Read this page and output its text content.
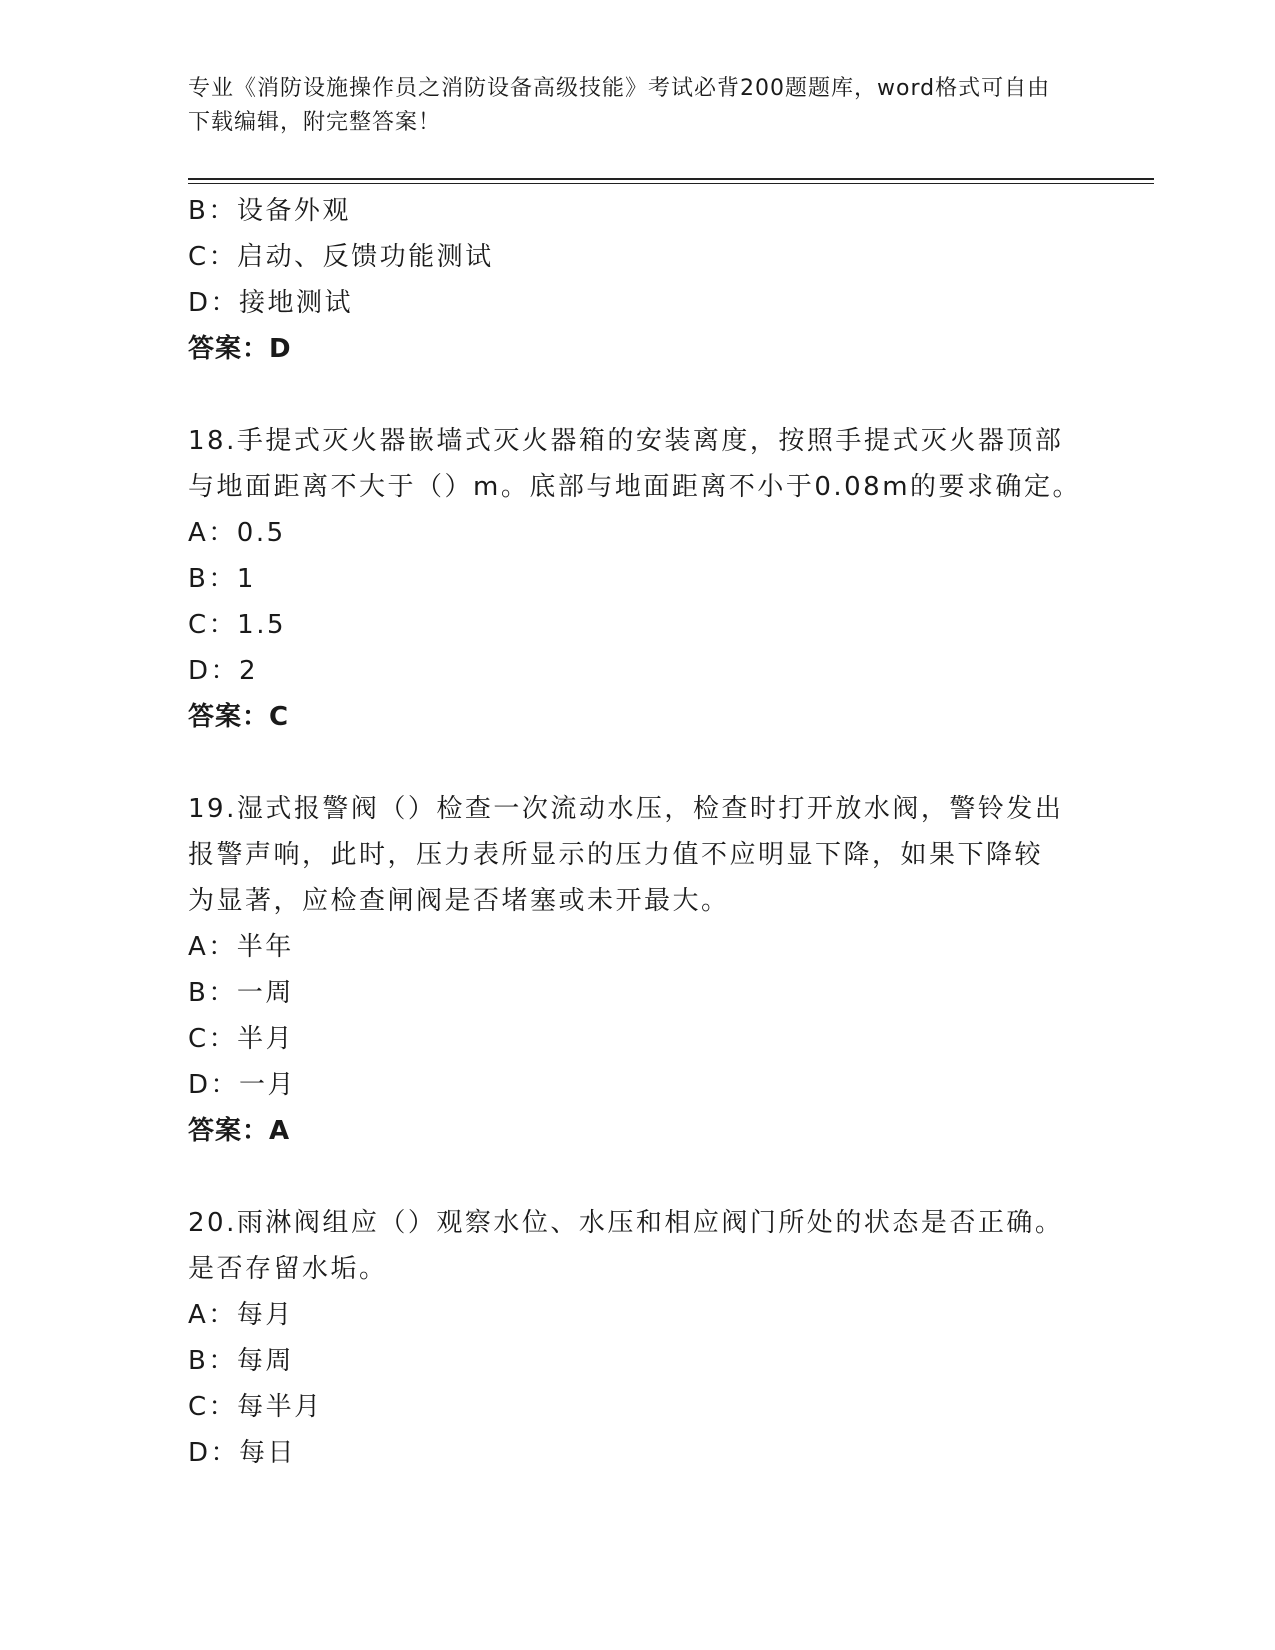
专业《消防设施操作员之消防设备高级技能》考试必背200题题库，word格式可自由下载编辑，附完整答案！
B：设备外观
C：启动、反馈功能测试
D：接地测试
答案：D
18.手提式灭火器嵌墙式灭火器箱的安装离度，按照手提式灭火器顶部
与地面距离不大于（）m。底部与地面距离不小于0.08m的要求确定。
A：0.5
B：1
C：1.5
D：2
答案：C
19.湿式报警阀（）检查一次流动水压，检查时打开放水阀，警铃发出
报警声响，此时，压力表所显示的压力值不应明显下降，如果下降较
为显著，应检查闸阀是否堵塞或未开最大。
A：半年
B：一周
C：半月
D：一月
答案：A
20.雨淋阀组应（）观察水位、水压和相应阀门所处的状态是否正确。
是否存留水垢。
A：每月
B：每周
C：每半月
D：每日
